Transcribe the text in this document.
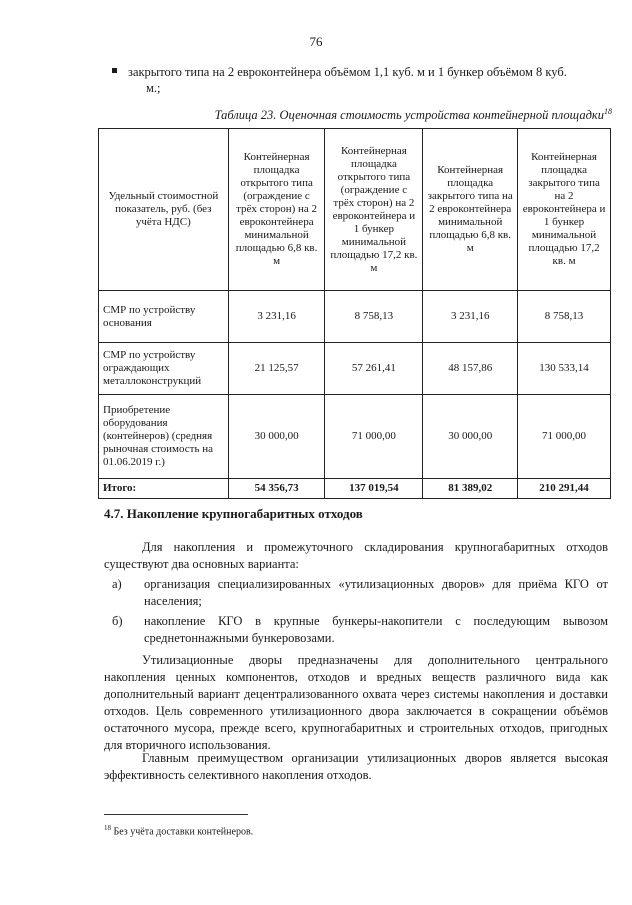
76
закрытого типа на 2 евроконтейнера объёмом 1,1 куб. м и 1 бункер объёмом 8 куб.
м.;
Таблица 23. Оценочная стоимость устройства контейнерной площадки$^{18}$
Удельный стоимостной показатель, руб. (без учёта НДС)	Контейнерная площадка открытого типа (ограждение с трёх сторон) на 2 евроконтейнера минимальной площадью 6,8 кв. м	Контейнерная площадка открытого типа (ограждение с трёх сторон) на 2 евроконтейнера и 1 бункер минимальной площадью 17,2 кв. м	Контейнерная площадка закрытого типа на 2 евроконтейнера минимальной площадью 6,8 кв. м	Контейнерная площадка закрытого типа на 2 евроконтейнера и 1 бункер минимальной площадью 17,2 кв. м
СМР по устройству основания	3 231,16	8 758,13	3 231,16	8 758,13
СМР по устройству ограждающих металлоконструкций	21 125,57	57 261,41	48 157,86	130 533,14
Приобретение оборудования (контейнеров) (средняя рыночная стоимость на 01.06.2019 г.)	30 000,00	71 000,00	30 000,00	71 000,00
Итого:	54 356,73	137 019,54	81 389,02	210 291,44
4.7. Накопление крупногабаритных отходов
Для накопления и промежуточного складирования крупногабаритных отходов существуют два основных варианта:
а)	организация специализированных «утилизационных дворов» для приёма КГО от населения;
б)	накопление КГО в крупные бункеры-накопители с последующим вывозом среднетоннажными бункеровозами.
Утилизационные дворы предназначены для дополнительного центрального накопления ценных компонентов, отходов и вредных веществ различного вида как дополнительный вариант децентрализованного охвата через системы накопления и доставки отходов. Цель современного утилизационного двора заключается в сокращении объёмов остаточного мусора, прежде всего, крупногабаритных и строительных отходов, пригодных для вторичного использования.
Главным преимуществом организации утилизационных дворов является высокая эффективность селективного накопления отходов.
$^{18}$ Без учёта доставки контейнеров.
